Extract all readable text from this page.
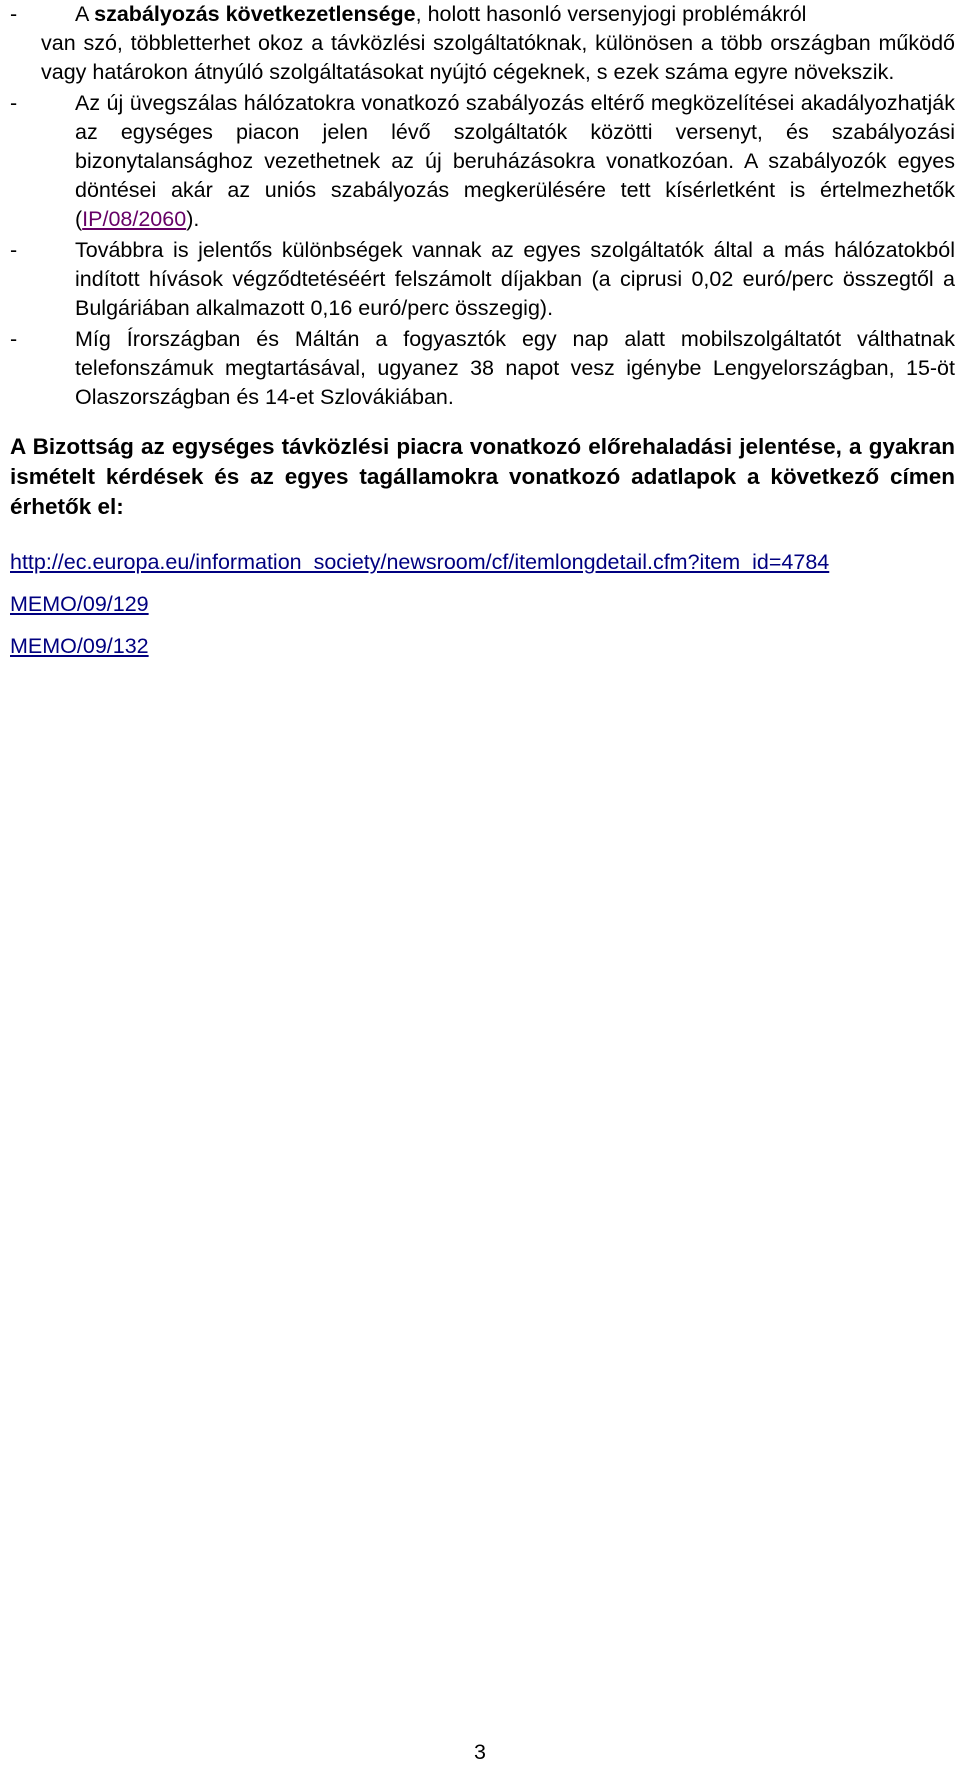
-	A szabályozás következetlensége, holott hasonló versenyjogi problémákról
van szó, többletterhet okoz a távközlési szolgáltatóknak, különösen a több országban működő vagy határokon átnyúló szolgáltatásokat nyújtó cégeknek, s ezek száma egyre növekszik.
-	Az új üvegszálas hálózatokra vonatkozó szabályozás eltérő megközelítései akadályozhatják az egységes piacon jelen lévő szolgáltatók közötti versenyt, és szabályozási bizonytalansághoz vezethetnek az új beruházásokra vonatkozóan. A szabályozók egyes döntései akár az uniós szabályozás megkerülésére tett kísérletként is értelmezhetők (IP/08/2060).
-	Továbbra is jelentős különbségek vannak az egyes szolgáltatók által a más hálózatokból indított hívások végződtetéséért felszámolt díjakban (a ciprusi 0,02 euró/perc összegtől a Bulgáriában alkalmazott 0,16 euró/perc összegig).
-	Míg Írországban és Máltán a fogyasztók egy nap alatt mobilszolgáltatót válthatnak telefonszámuk megtartásával, ugyanez 38 napot vesz igénybe Lengyelországban, 15-öt Olaszországban és 14-et Szlovákiában.

A Bizottság az egységes távközlési piacra vonatkozó előrehaladási jelentése, a gyakran ismételt kérdések és az egyes tagállamokra vonatkozó adatlapok a következő címen érhetők el:

http://ec.europa.eu/information_society/newsroom/cf/itemlongdetail.cfm?item_id=4784
MEMO/09/129
MEMO/09/132
3
